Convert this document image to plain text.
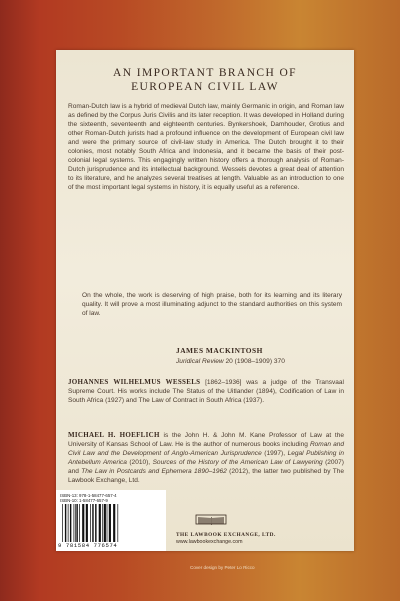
AN IMPORTANT BRANCH OF
EUROPEAN CIVIL LAW
Roman-Dutch law is a hybrid of medieval Dutch law, mainly Germanic in origin, and Roman law as defined by the Corpus Juris Civilis and its later reception. It was developed in Holland during the sixteenth, seventeenth and eighteenth centuries. Bynkershoek, Damhouder, Grotius and other Roman-Dutch jurists had a profound influence on the development of European civil law and were the primary source of civil-law study in America. The Dutch brought it to their colonies, most notably South Africa and Indonesia, and it became the basis of their post-colonial legal systems. This engagingly written history offers a thorough analysis of Roman-Dutch jurisprudence and its intellectual background. Wessels devotes a great deal of attention to its literature, and he analyzes several treatises at length. Valuable as an introduction to one of the most important legal systems in history, it is equally useful as a reference.
On the whole, the work is deserving of high praise, both for its learning and its literary quality. It will prove a most illuminating adjunct to the standard authorities on this system of law.
JAMES MACKINTOSH
Juridical Review 20 (1908–1909) 370
JOHANNES WILHELMUS WESSELS [1862–1936] was a judge of the Transvaal Supreme Court. His works include The Status of the Uitlander (1894), Codification of Law in South Africa (1927) and The Law of Contract in South Africa (1937).
MICHAEL H. HOEFLICH is the John H. & John M. Kane Professor of Law at the University of Kansas School of Law. He is the author of numerous books including Roman and Civil Law and the Development of Anglo-American Jurisprudence (1997), Legal Publishing in Antebellum America (2010), Sources of the History of the American Law of Lawyering (2007) and The Law in Postcards and Ephemera 1890–1962 (2012), the latter two published by The Lawbook Exchange, Ltd.
ISBN-13: 978-1-58477-657-4
ISBN-10: 1-58477-657-9
9 781584 776574
THE LAWBOOK EXCHANGE, LTD.
www.lawbookexchange.com
Cover design by Peter Lo Ricco
